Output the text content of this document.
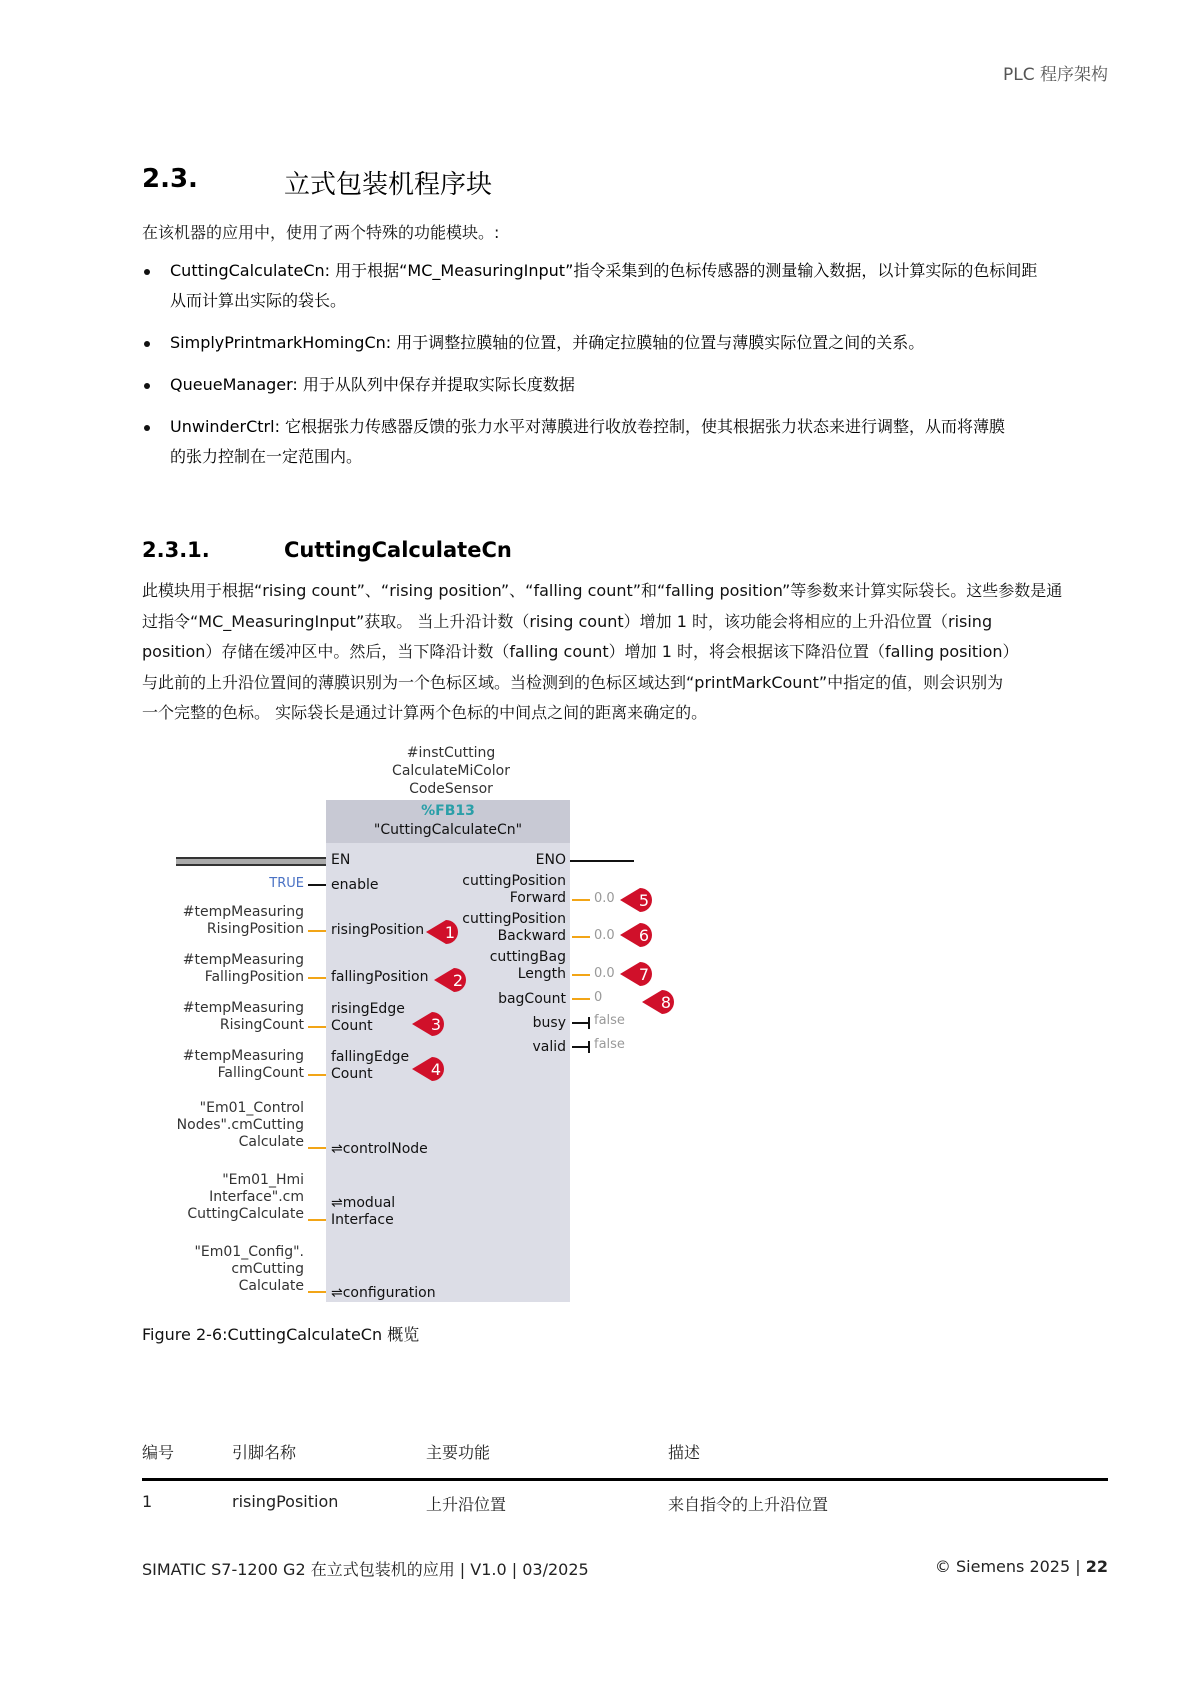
PLC 程序架构
2.3.	立式包装机程序块
在该机器的应用中，使用了两个特殊的功能模块。:
CuttingCalculateCn: 用于根据“MC_MeasuringInput”指令采集到的色标传感器的测量输入数据，以计算实际的色标间距
从而计算出实际的袋长。
SimplyPrintmarkHomingCn: 用于调整拉膜轴的位置，并确定拉膜轴的位置与薄膜实际位置之间的关系。
QueueManager: 用于从队列中保存并提取实际长度数据
UnwinderCtrl: 它根据张力传感器反馈的张力水平对薄膜进行收放卷控制，使其根据张力状态来进行调整，从而将薄膜
的张力控制在一定范围内。
2.3.1.	CuttingCalculateCn
此模块用于根据“rising count”、“rising position”、“falling count”和“falling position”等参数来计算实际袋长。这些参数是通
过指令“MC_MeasuringInput”获取。 当上升沿计数（rising count）增加 1 时，该功能会将相应的上升沿位置（rising
position）存储在缓冲区中。然后，当下降沿计数（falling count）增加 1 时，将会根据该下降沿位置（falling position）
与此前的上升沿位置间的薄膜识别为一个色标区域。当检测到的色标区域达到“printMarkCount”中指定的值，则会识别为
一个完整的色标。 实际袋长是通过计算两个色标的中间点之间的距离来确定的。
#instCutting
CalculateMiColor
CodeSensor
%FB13
"CuttingCalculateCn"
EN	ENO
TRUE enable
#tempMeasuring
RisingPosition risingPosition
#tempMeasuring
FallingPosition fallingPosition
#tempMeasuring
RisingCount
risingEdge
Count
#tempMeasuring
FallingCount
fallingEdge
Count
"Em01_Control
Nodes".cmCutting
Calculate ⇌controlNode
"Em01_Hmi
Interface".cm
CuttingCalculate
⇌modual
Interface
"Em01_Config".
cmCutting
Calculate ⇌configuration
cuttingPosition
Forward 0.0
cuttingPosition
Backward 0.0
cuttingBag
Length 0.0
bagCount 0
busy false
valid false
1
2
3
4
5
6
7
8
Figure 2-6:CuttingCalculateCn 概览
编号	引脚名称	主要功能	描述
1	risingPosition	上升沿位置	来自指令的上升沿位置
SIMATIC S7-1200 G2 在立式包装机的应用 | V1.0 | 03/2025	© Siemens 2025 | 22
